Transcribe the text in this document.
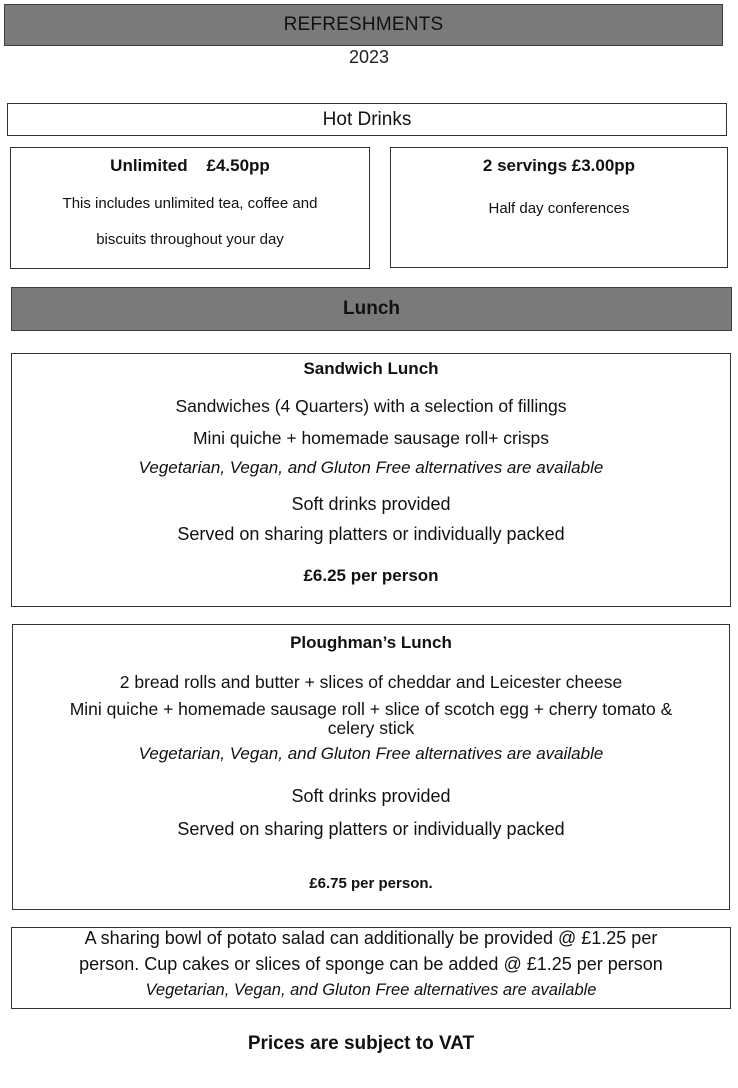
REFRESHMENTS
2023
Hot Drinks
Unlimited    £4.50pp
This includes unlimited tea, coffee and
biscuits throughout your day
2 servings £3.00pp
Half day conferences
Lunch
Sandwich Lunch
Sandwiches (4 Quarters) with a selection of fillings
Mini quiche + homemade sausage roll+ crisps
Vegetarian, Vegan, and Gluton Free alternatives are available
Soft drinks provided
Served on sharing platters or individually packed
£6.25 per person
Ploughman’s Lunch
2 bread rolls and butter + slices of cheddar and Leicester cheese
Mini quiche + homemade sausage roll + slice of scotch egg + cherry tomato &
celery stick
Vegetarian, Vegan, and Gluton Free alternatives are available
Soft drinks provided
Served on sharing platters or individually packed
£6.75 per person.
A sharing bowl of potato salad can additionally be provided @ £1.25 per
person. Cup cakes or slices of sponge can be added @ £1.25 per person
Vegetarian, Vegan, and Gluton Free alternatives are available
Prices are subject to VAT
